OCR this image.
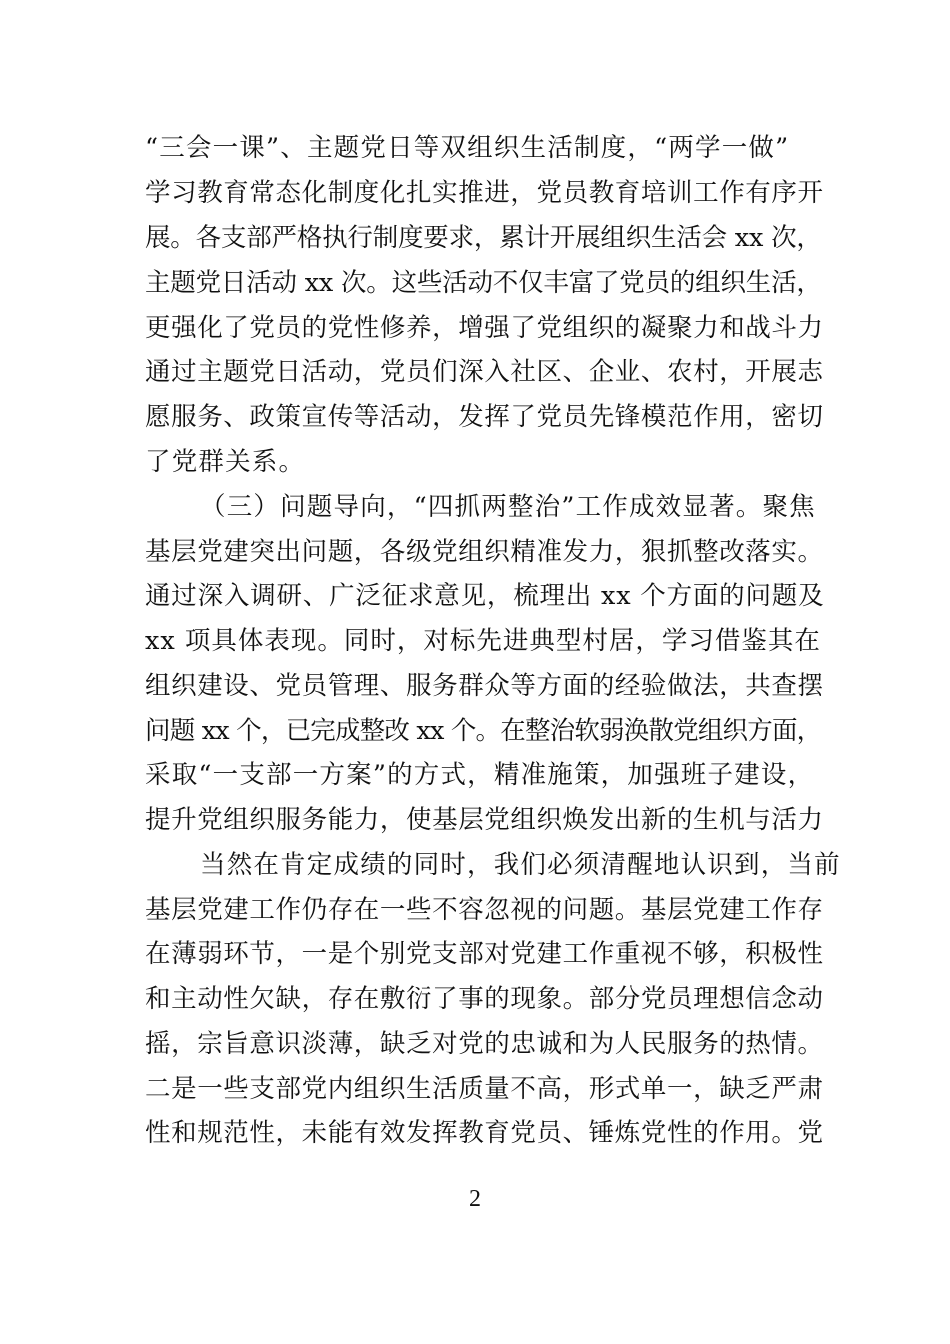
“三会一课”、主题党日等双组织生活制度，“两学一做”
学习教育常态化制度化扎实推进，党员教育培训工作有序开
展。各支部严格执行制度要求，累计开展组织生活会 xx 次，
主题党日活动 xx 次。这些活动不仅丰富了党员的组织生活，
更强化了党员的党性修养，增强了党组织的凝聚力和战斗力
通过主题党日活动，党员们深入社区、企业、农村，开展志
愿服务、政策宣传等活动，发挥了党员先锋模范作用，密切
了党群关系。
（三）问题导向，“四抓两整治”工作成效显著。聚焦
基层党建突出问题，各级党组织精准发力，狠抓整改落实。
通过深入调研、广泛征求意见，梳理出 xx 个方面的问题及
xx 项具体表现。同时，对标先进典型村居，学习借鉴其在
组织建设、党员管理、服务群众等方面的经验做法，共查摆
问题 xx 个，已完成整改 xx 个。在整治软弱涣散党组织方面，
采取“一支部一方案”的方式，精准施策，加强班子建设，
提升党组织服务能力，使基层党组织焕发出新的生机与活力
当然在肯定成绩的同时，我们必须清醒地认识到，当前
基层党建工作仍存在一些不容忽视的问题。基层党建工作存
在薄弱环节，一是个别党支部对党建工作重视不够，积极性
和主动性欠缺，存在敷衍了事的现象。部分党员理想信念动
摇，宗旨意识淡薄，缺乏对党的忠诚和为人民服务的热情。
二是一些支部党内组织生活质量不高，形式单一，缺乏严肃
性和规范性，未能有效发挥教育党员、锤炼党性的作用。党
2
